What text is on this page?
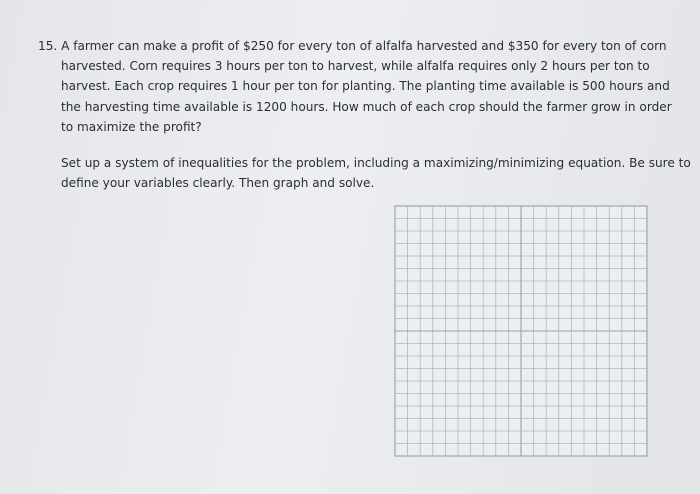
15. A farmer can make a profit of $250 for every ton of alfalfa harvested and $350 for every ton of corn
harvested. Corn requires 3 hours per ton to harvest, while alfalfa requires only 2 hours per ton to
harvest. Each crop requires 1 hour per ton for planting. The planting time available is 500 hours and
the harvesting time available is 1200 hours. How much of each crop should the farmer grow in order
to maximize the profit?
Set up a system of inequalities for the problem, including a maximizing/minimizing equation. Be sure to
define your variables clearly. Then graph and solve.
